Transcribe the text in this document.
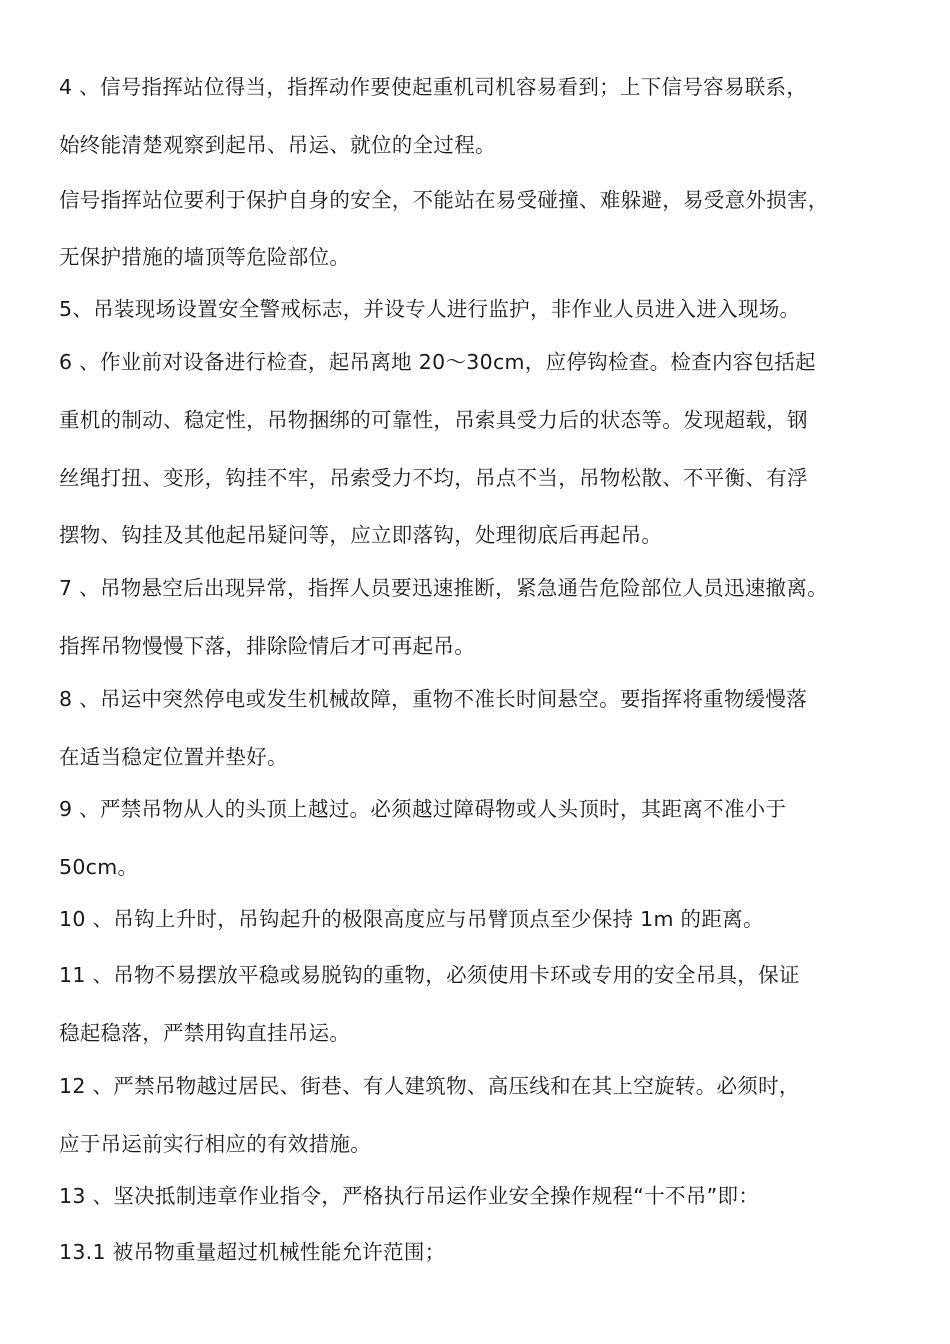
4 、信号指挥站位得当，指挥动作要使起重机司机容易看到；上下信号容易联系，
始终能清楚观察到起吊、吊运、就位的全过程。
信号指挥站位要利于保护自身的安全，不能站在易受碰撞、难躲避，易受意外损害，
无保护措施的墙顶等危险部位。
5、吊装现场设置安全警戒标志，并设专人进行监护，非作业人员进入进入现场。
6 、作业前对设备进行检查，起吊离地 20～30cm，应停钩检查。检查内容包括起
重机的制动、稳定性，吊物捆绑的可靠性，吊索具受力后的状态等。发现超载，钢
丝绳打扭、变形，钩挂不牢，吊索受力不均，吊点不当，吊物松散、不平衡、有浮
摆物、钩挂及其他起吊疑问等，应立即落钩，处理彻底后再起吊。
7 、吊物悬空后出现异常，指挥人员要迅速推断，紧急通告危险部位人员迅速撤离。
指挥吊物慢慢下落，排除险情后才可再起吊。
8 、吊运中突然停电或发生机械故障，重物不准长时间悬空。要指挥将重物缓慢落
在适当稳定位置并垫好。
9 、严禁吊物从人的头顶上越过。必须越过障碍物或人头顶时，其距离不准小于
50cm。
10 、吊钩上升时，吊钩起升的极限高度应与吊臂顶点至少保持 1m 的距离。
11 、吊物不易摆放平稳或易脱钩的重物，必须使用卡环或专用的安全吊具，保证
稳起稳落，严禁用钩直挂吊运。
12 、严禁吊物越过居民、街巷、有人建筑物、高压线和在其上空旋转。必须时，
应于吊运前实行相应的有效措施。
13 、坚决抵制违章作业指令，严格执行吊运作业安全操作规程“十不吊”即：
13.1 被吊物重量超过机械性能允许范围；
